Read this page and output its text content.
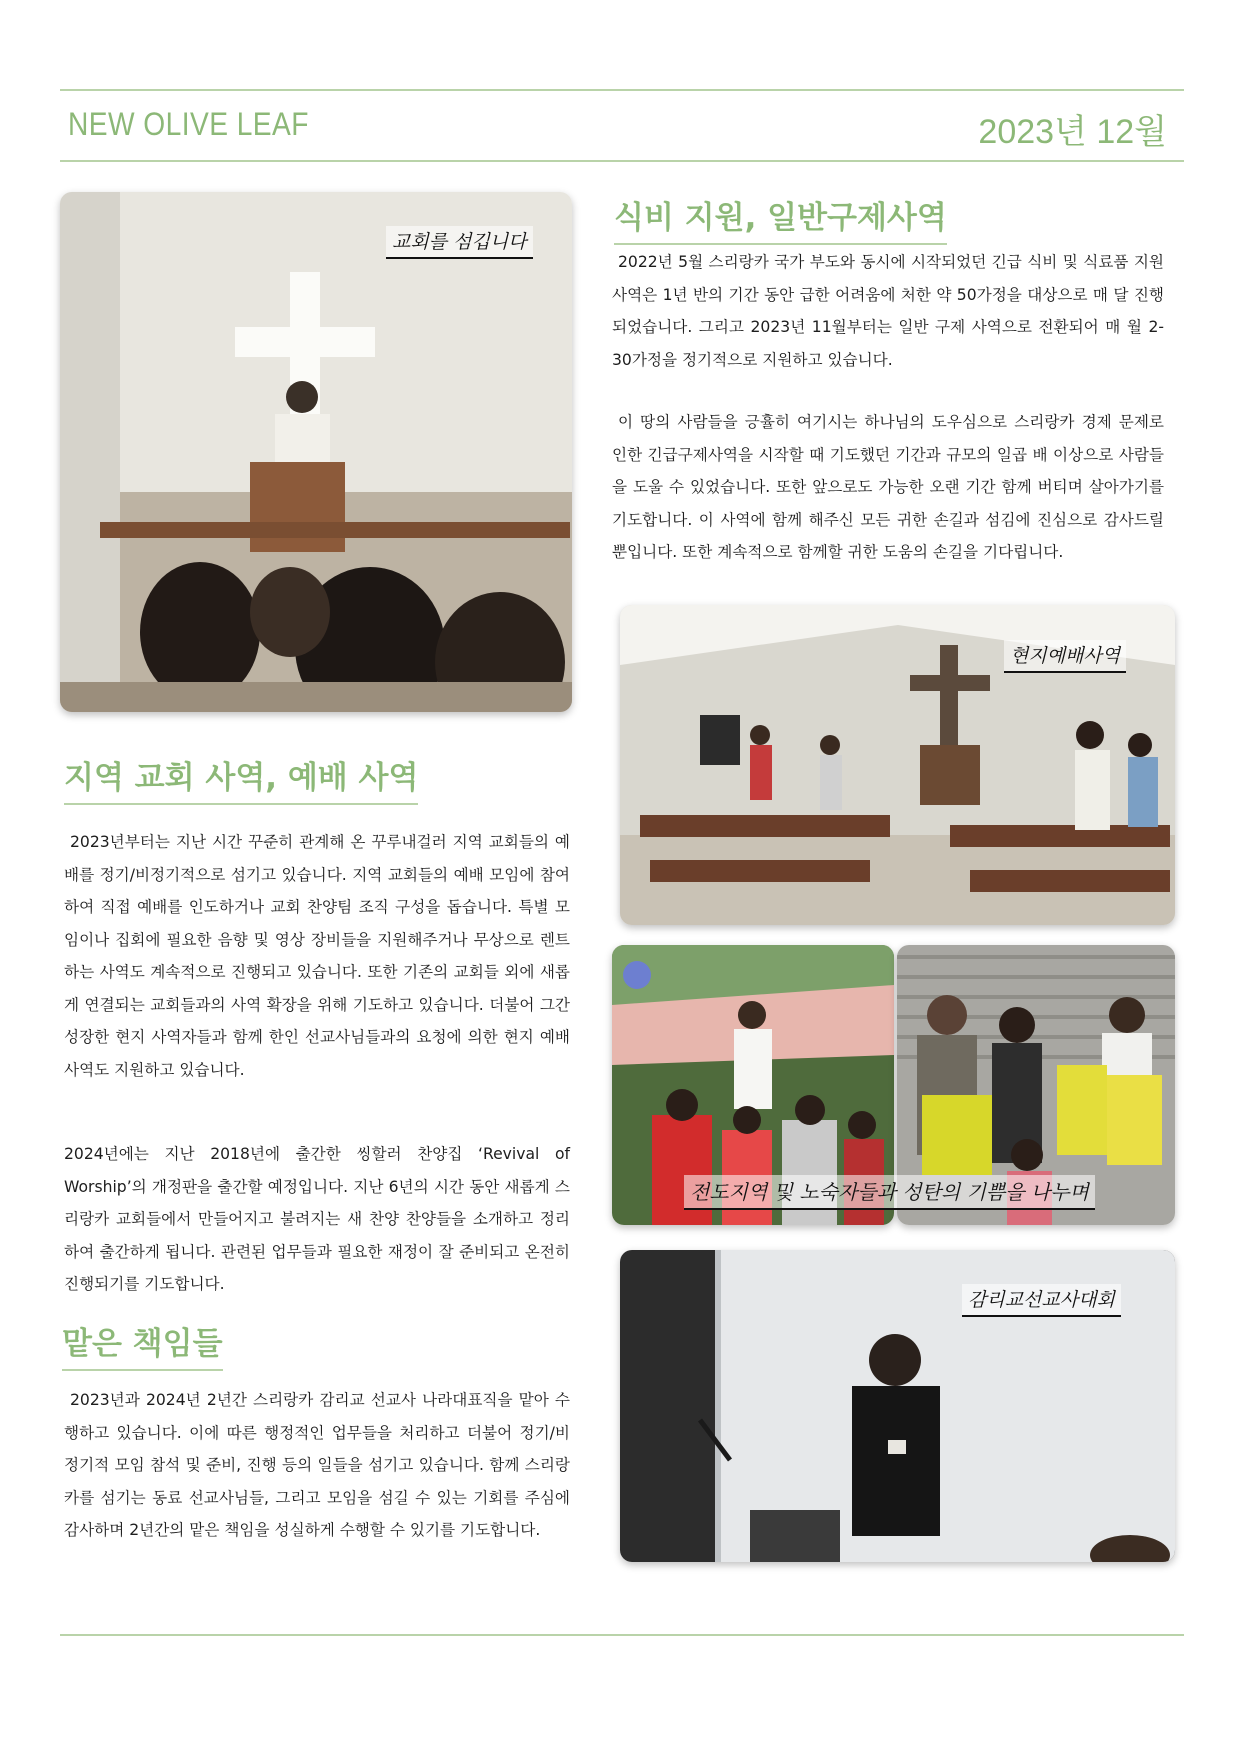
NEW OLIVE LEAF	2023년 12월
교회를 섬깁니다
지역 교회 사역, 예배 사역

2023년부터는 지난 시간 꾸준히 관계해 온 꾸루내걸러 지역 교회들의 예배를 정기/비정기적으로 섬기고 있습니다. 지역 교회들의 예배 모임에 참여하여 직접 예배를 인도하거나 교회 찬양팀 조직 구성을 돕습니다. 특별 모임이나 집회에 필요한 음향 및 영상 장비들을 지원해주거나 무상으로 렌트하는 사역도 계속적으로 진행되고 있습니다. 또한 기존의 교회들 외에 새롭게 연결되는 교회들과의 사역 확장을 위해 기도하고 있습니다. 더불어 그간 성장한 현지 사역자들과 함께 한인 선교사님들과의 요청에 의한 현지 예배 사역도 지원하고 있습니다.

2024년에는 지난 2018년에 출간한 씽할러 찬양집 ‘Revival of Worship’의 개정판을 출간할 예정입니다. 지난 6년의 시간 동안 새롭게 스리랑카 교회들에서 만들어지고 불려지는 새 찬양 찬양들을 소개하고 정리하여 출간하게 됩니다. 관련된 업무들과 필요한 재정이 잘 준비되고 온전히 진행되기를 기도합니다.

맡은 책임들

2023년과 2024년 2년간 스리랑카 감리교 선교사 나라대표직을 맡아 수행하고 있습니다. 이에 따른 행정적인 업무들을 처리하고 더불어 정기/비 정기적 모임 참석 및 준비, 진행 등의 일들을 섬기고 있습니다. 함께 스리랑카를 섬기는 동료 선교사님들, 그리고 모임을 섬길 수 있는 기회를 주심에 감사하며 2년간의 맡은 책임을 성실하게 수행할 수 있기를 기도합니다.

식비 지원, 일반구제사역

2022년 5월 스리랑카 국가 부도와 동시에 시작되었던 긴급 식비 및 식료품 지원 사역은 1년 반의 기간 동안 급한 어려움에 처한 약 50가정을 대상으로 매 달 진행되었습니다. 그리고 2023년 11월부터는 일반 구제 사역으로 전환되어 매 월 2-30가정을 정기적으로 지원하고 있습니다.

이 땅의 사람들을 긍휼히 여기시는 하나님의 도우심으로 스리랑카 경제 문제로 인한 긴급구제사역을 시작할 때 기도했던 기간과 규모의 일곱 배 이상으로 사람들을 도울 수 있었습니다. 또한 앞으로도 가능한 오랜 기간 함께 버티며 살아가기를 기도합니다. 이 사역에 함께 해주신 모든 귀한 손길과 섬김에 진심으로 감사드릴 뿐입니다. 또한 계속적으로 함께할 귀한 도움의 손길을 기다립니다.

현지예배사역
전도지역 및 노숙자들과 성탄의 기쁨을 나누며
감리교선교사대회
